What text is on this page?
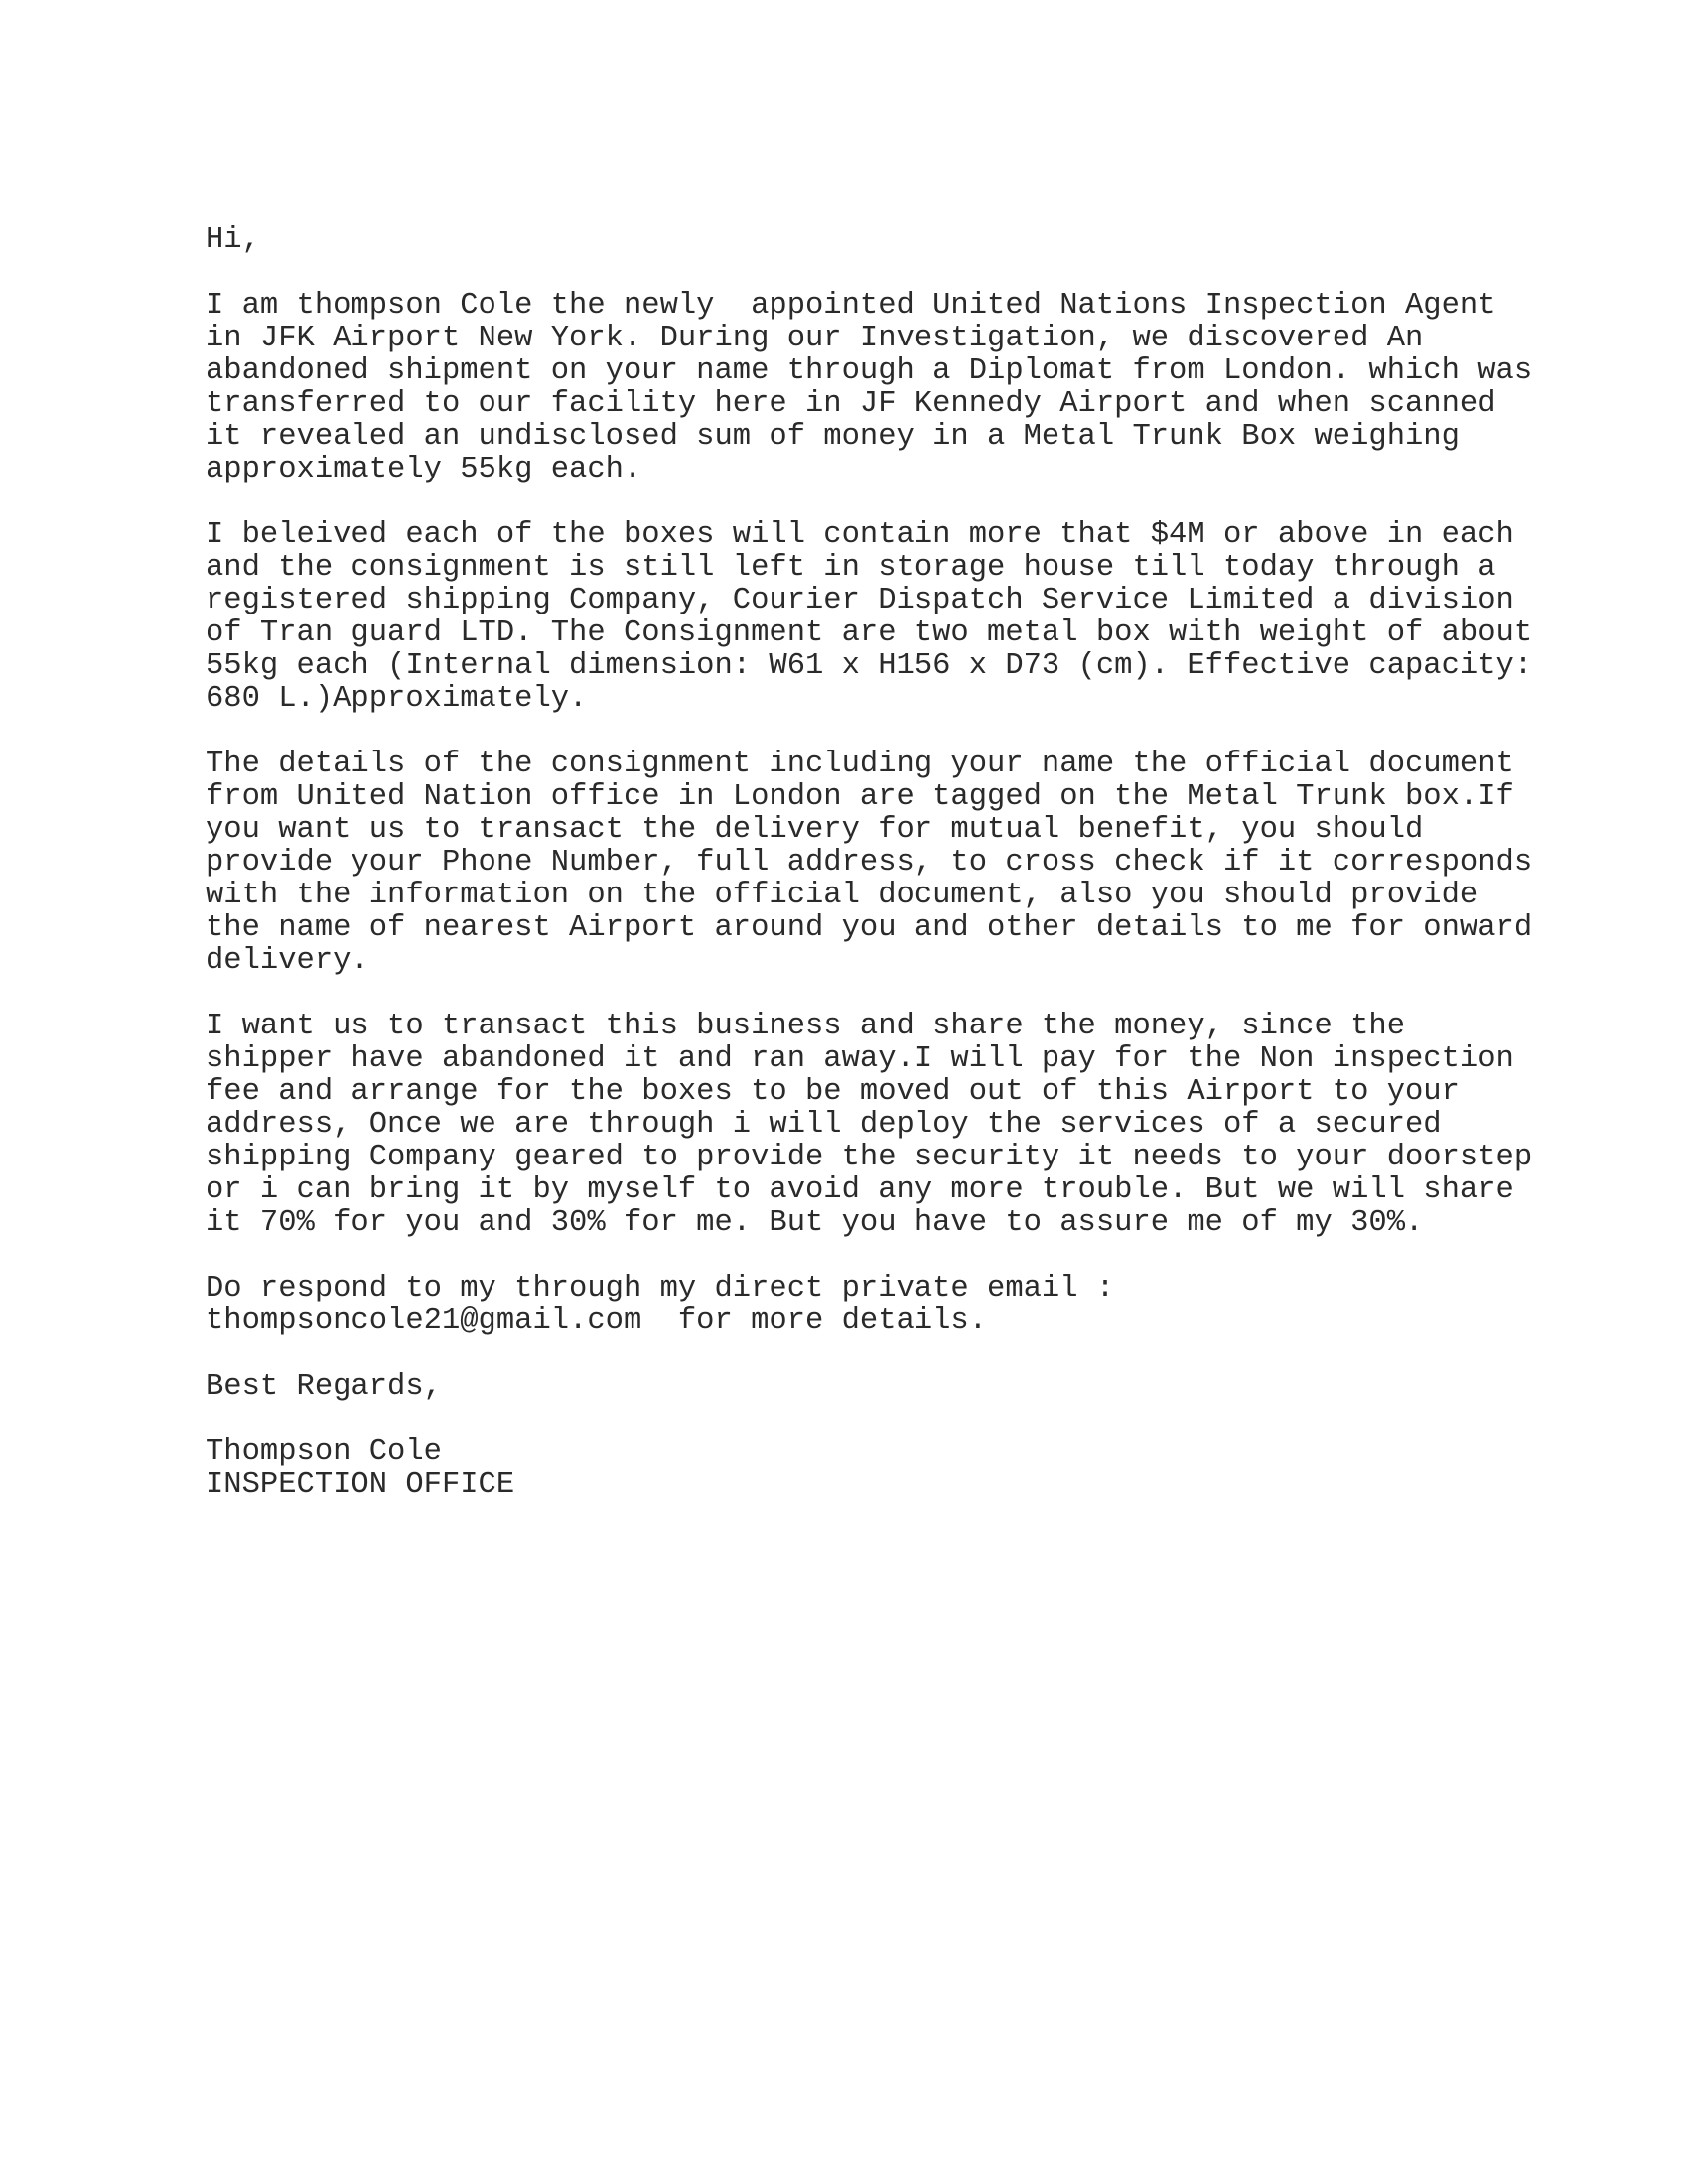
Hi,
I am thompson Cole the newly  appointed United Nations Inspection Agent
in JFK Airport New York. During our Investigation, we discovered An
abandoned shipment on your name through a Diplomat from London. which was
transferred to our facility here in JF Kennedy Airport and when scanned
it revealed an undisclosed sum of money in a Metal Trunk Box weighing
approximately 55kg each.
I beleived each of the boxes will contain more that $4M or above in each
and the consignment is still left in storage house till today through a
registered shipping Company, Courier Dispatch Service Limited a division
of Tran guard LTD. The Consignment are two metal box with weight of about
55kg each (Internal dimension: W61 x H156 x D73 (cm). Effective capacity:
680 L.)Approximately.
The details of the consignment including your name the official document
from United Nation office in London are tagged on the Metal Trunk box.If
you want us to transact the delivery for mutual benefit, you should
provide your Phone Number, full address, to cross check if it corresponds
with the information on the official document, also you should provide
the name of nearest Airport around you and other details to me for onward
delivery.
I want us to transact this business and share the money, since the
shipper have abandoned it and ran away.I will pay for the Non inspection
fee and arrange for the boxes to be moved out of this Airport to your
address, Once we are through i will deploy the services of a secured
shipping Company geared to provide the security it needs to your doorstep
or i can bring it by myself to avoid any more trouble. But we will share
it 70% for you and 30% for me. But you have to assure me of my 30%.
Do respond to my through my direct private email :
thompsoncole21@gmail.com  for more details.
Best Regards,
Thompson Cole
INSPECTION OFFICE
